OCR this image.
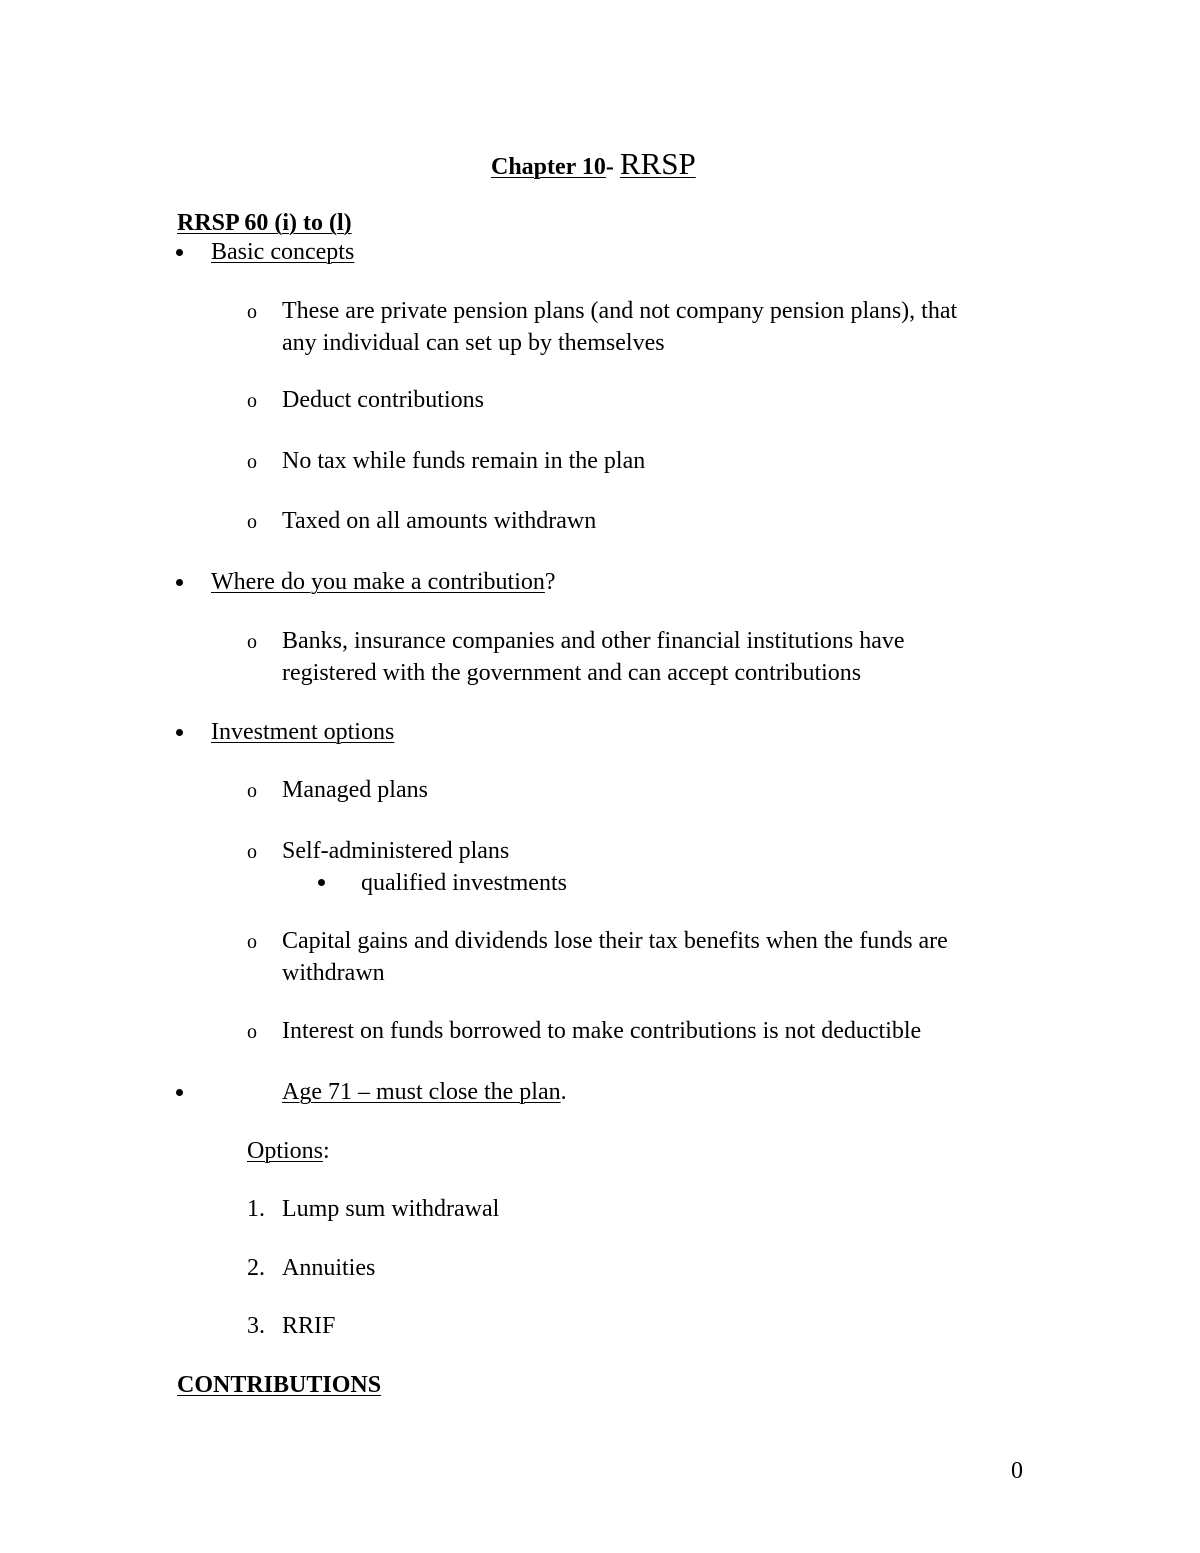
Chapter 10- RRSP
RRSP 60 (i) to (l)
Basic concepts
o These are private pension plans (and not company pension plans), that
any individual can set up by themselves
o Deduct contributions
o No tax while funds remain in the plan
o Taxed on all amounts withdrawn
Where do you make a contribution?
o Banks, insurance companies and other financial institutions have
registered with the government and can accept contributions
Investment options
o Managed plans
o Self-administered plans
qualified investments
o Capital gains and dividends lose their tax benefits when the funds are
withdrawn
o Interest on funds borrowed to make contributions is not deductible
Age 71 – must close the plan.
Options:
1. Lump sum withdrawal
2. Annuities
3. RRIF
CONTRIBUTIONS
0
